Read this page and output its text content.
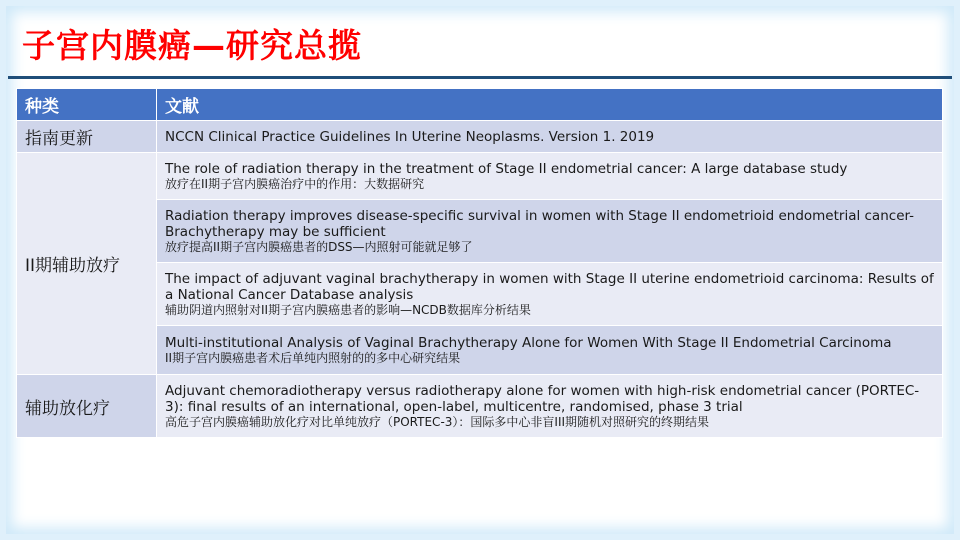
子宫内膜癌—研究总揽
种类	文献
指南更新	NCCN Clinical Practice Guidelines In Uterine Neoplasms. Version 1. 2019

II期辅助放疗	The role of radiation therapy in the treatment of Stage II endometrial cancer: A large database study
放疗在II期子宫内膜癌治疗中的作用：大数据研究

	Radiation therapy improves disease-specific survival in women with Stage II endometrioid endometrial cancer-Brachytherapy may be sufficient
放疗提高II期子宫内膜癌患者的DSS—内照射可能就足够了

	The impact of adjuvant vaginal brachytherapy in women with Stage II uterine endometrioid carcinoma: Results of a National Cancer Database analysis
辅助阴道内照射对II期子宫内膜癌患者的影响—NCDB数据库分析结果

	Multi-institutional Analysis of Vaginal Brachytherapy Alone for Women With Stage II Endometrial Carcinoma
II期子宫内膜癌患者术后单纯内照射的的多中心研究结果

辅助放化疗	Adjuvant chemoradiotherapy versus radiotherapy alone for women with high-risk endometrial cancer (PORTEC-3): final results of an international, open-label, multicentre, randomised, phase 3 trial
高危子宫内膜癌辅助放化疗对比单纯放疗（PORTEC-3）：国际多中心非盲III期随机对照研究的终期结果
